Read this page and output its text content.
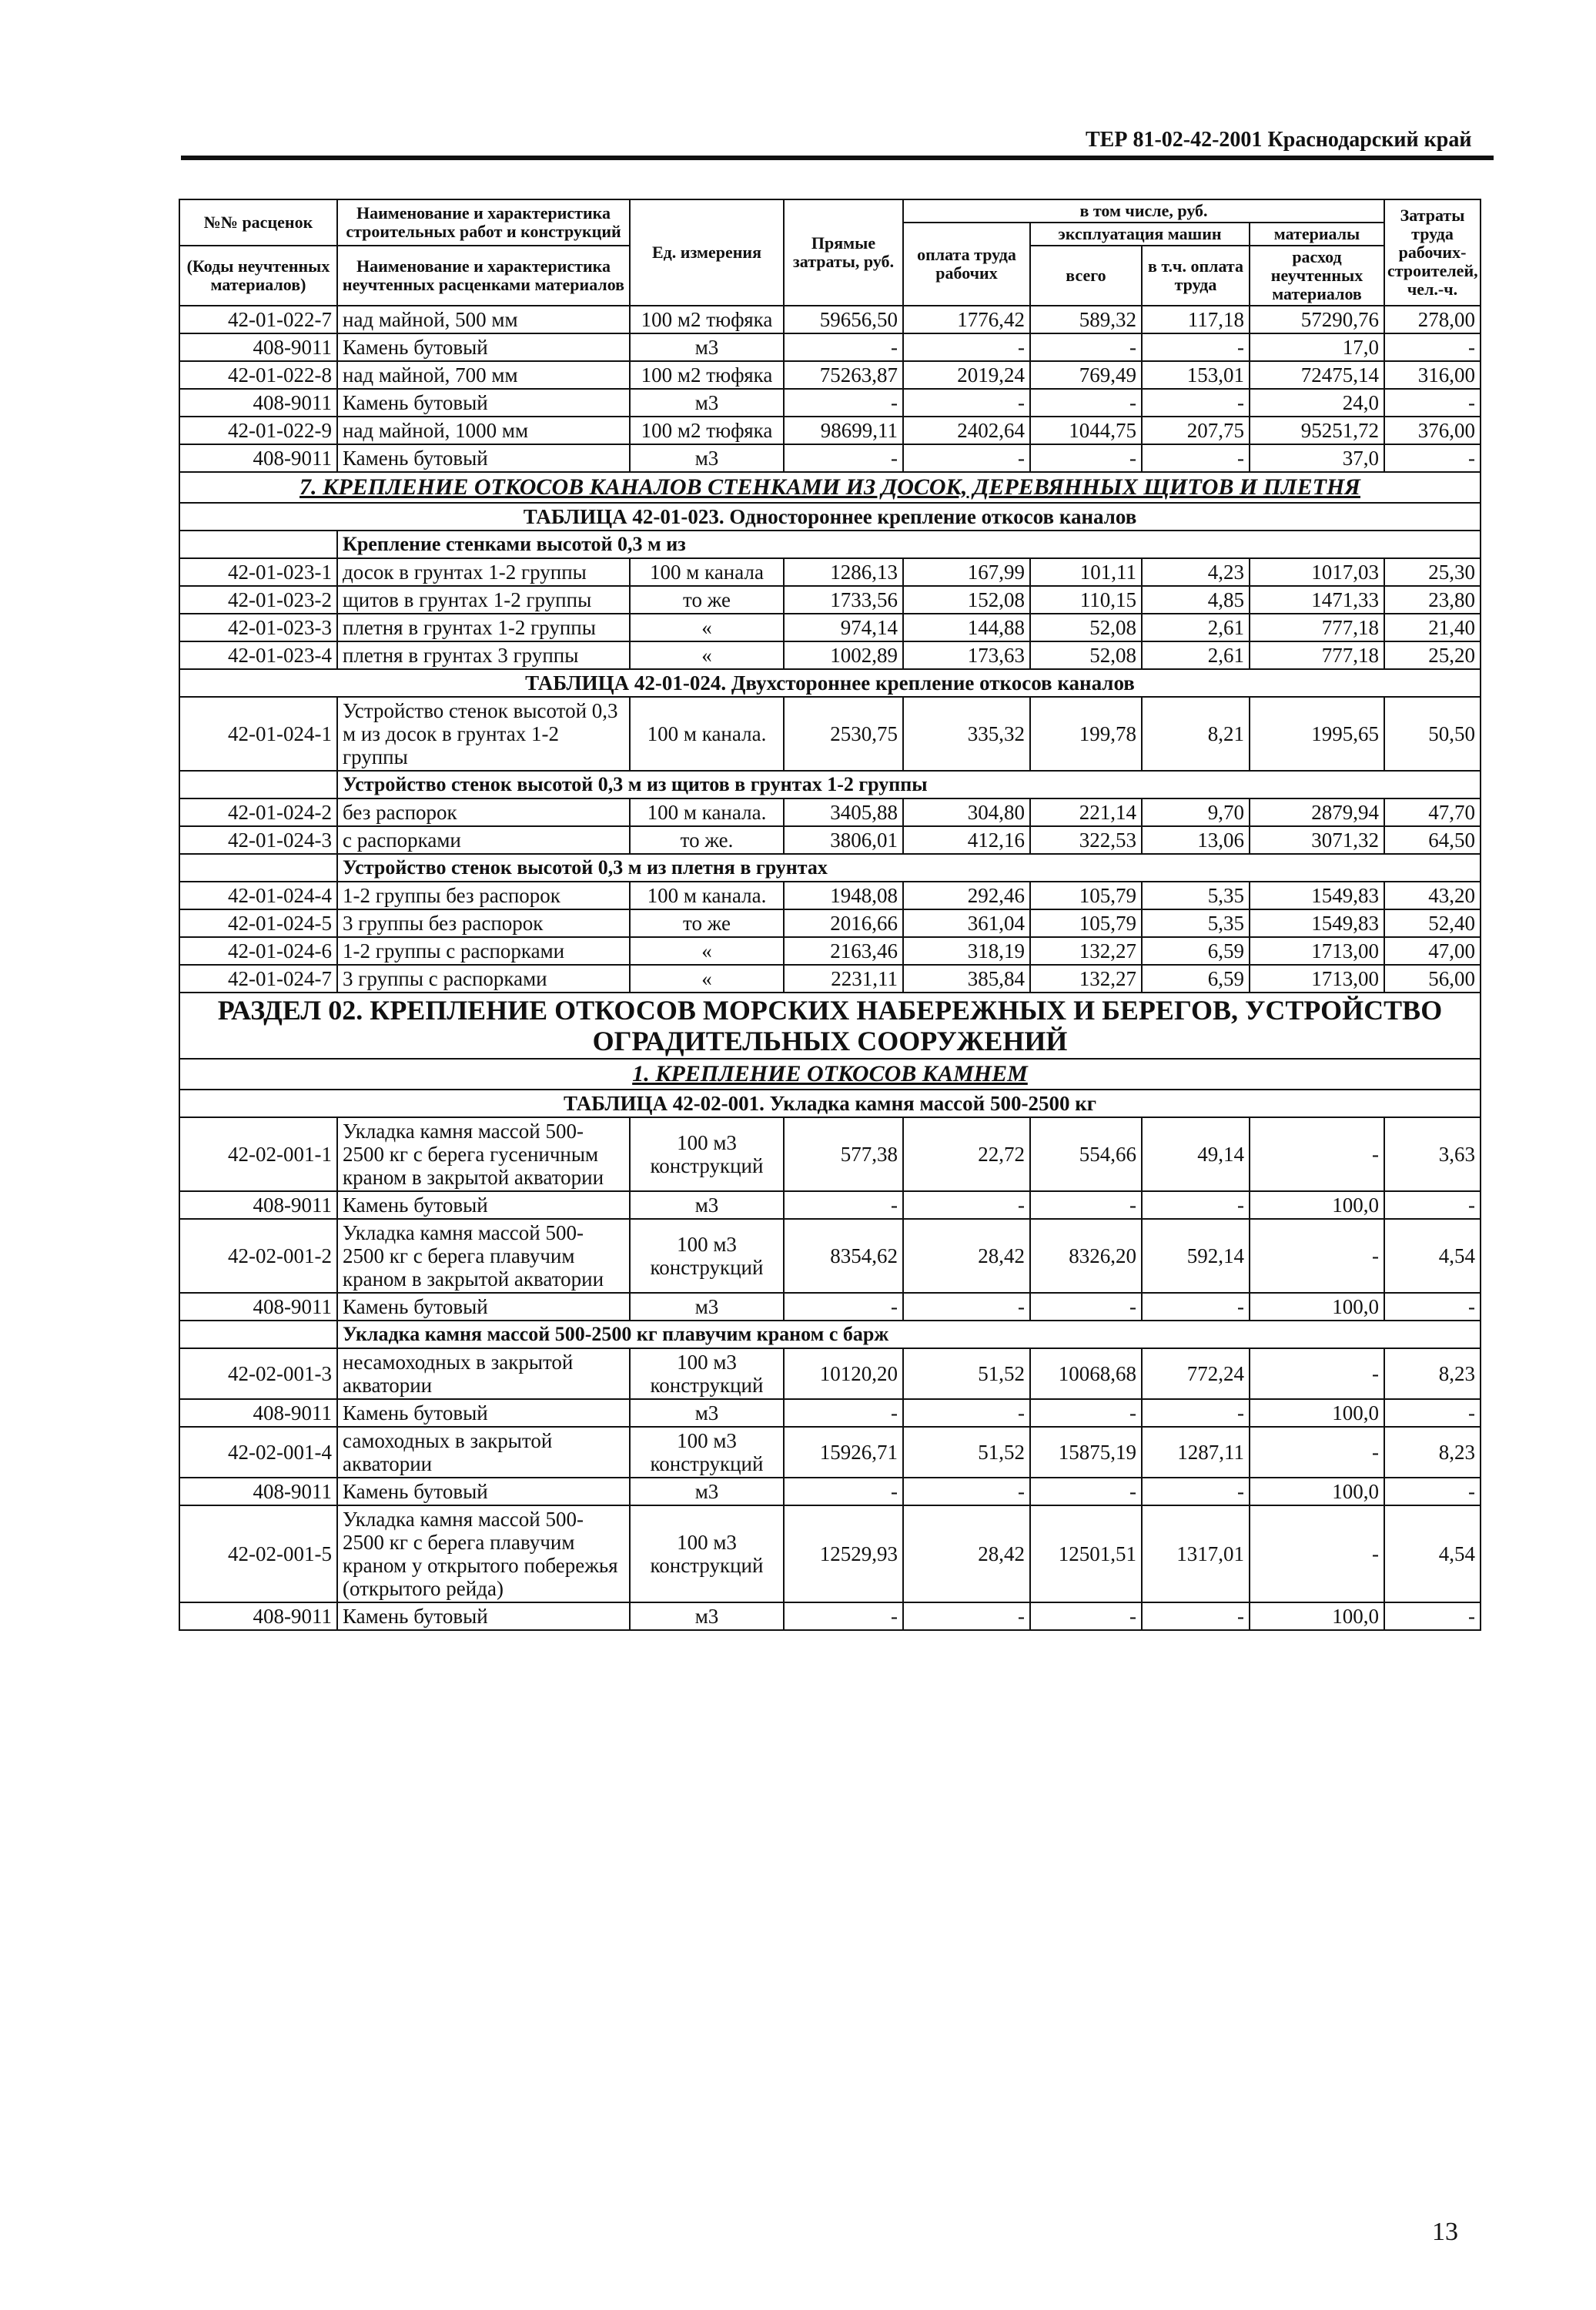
ТЕР 81-02-42-2001 Краснодарский край
№№ расценок	Наименование и характеристика строительных работ и конструкций	Ед. измерения	Прямые затраты, руб.	в том числе, руб.				Затраты труда рабочих-строителей, чел.-ч.
				оплата труда рабочих	эксплуатация машин		материалы	
(Коды неучтенных материалов)	Наименование и характеристика неучтенных расценками материалов				всего	в т.ч. оплата труда	расход неучтенных материалов	

42-01-022-7	над майной, 500 мм	100 м2 тюфяка	59656,50	1776,42	589,32	117,18	57290,76	278,00
408-9011	Камень бутовый	м3	-	-	-	-	17,0	-
42-01-022-8	над майной, 700 мм	100 м2 тюфяка	75263,87	2019,24	769,49	153,01	72475,14	316,00
408-9011	Камень бутовый	м3	-	-	-	-	24,0	-
42-01-022-9	над майной, 1000 мм	100 м2 тюфяка	98699,11	2402,64	1044,75	207,75	95251,72	376,00
408-9011	Камень бутовый	м3	-	-	-	-	37,0	-
7. КРЕПЛЕНИЕ ОТКОСОВ КАНАЛОВ СТЕНКАМИ ИЗ ДОСОК, ДЕРЕВЯННЫХ ЩИТОВ И ПЛЕТНЯ								
ТАБЛИЦА 42-01-023. Одностороннее крепление откосов каналов								
	Крепление стенками высотой 0,3 м из							
42-01-023-1	досок в грунтах 1-2 группы	100 м канала	1286,13	167,99	101,11	4,23	1017,03	25,30
42-01-023-2	щитов в грунтах 1-2 группы	то же	1733,56	152,08	110,15	4,85	1471,33	23,80
42-01-023-3	плетня в грунтах 1-2 группы	«	974,14	144,88	52,08	2,61	777,18	21,40
42-01-023-4	плетня в грунтах 3 группы	«	1002,89	173,63	52,08	2,61	777,18	25,20
ТАБЛИЦА 42-01-024. Двухстороннее крепление откосов каналов								
42-01-024-1	Устройство стенок высотой 0,3 м из досок в грунтах 1-2 группы	100 м канала.	2530,75	335,32	199,78	8,21	1995,65	50,50
	Устройство стенок высотой 0,3 м из щитов в грунтах 1-2 группы							
42-01-024-2	без распорок	100 м канала.	3405,88	304,80	221,14	9,70	2879,94	47,70
42-01-024-3	с распорками	то же.	3806,01	412,16	322,53	13,06	3071,32	64,50
	Устройство стенок высотой 0,3 м из плетня в грунтах							
42-01-024-4	1-2 группы без распорок	100 м канала.	1948,08	292,46	105,79	5,35	1549,83	43,20
42-01-024-5	3 группы без распорок	то же	2016,66	361,04	105,79	5,35	1549,83	52,40
42-01-024-6	1-2 группы с распорками	«	2163,46	318,19	132,27	6,59	1713,00	47,00
42-01-024-7	3 группы с распорками	«	2231,11	385,84	132,27	6,59	1713,00	56,00
РАЗДЕЛ 02. КРЕПЛЕНИЕ ОТКОСОВ МОРСКИХ НАБЕРЕЖНЫХ И БЕРЕГОВ, УСТРОЙСТВО ОГРАДИТЕЛЬНЫХ СООРУЖЕНИЙ								
1. КРЕПЛЕНИЕ ОТКОСОВ КАМНЕМ								
ТАБЛИЦА 42-02-001. Укладка камня массой 500-2500 кг								
42-02-001-1	Укладка камня массой 500-2500 кг с берега гусеничным краном в закрытой акватории	100 м3 конструкций	577,38	22,72	554,66	49,14	-	3,63
408-9011	Камень бутовый	м3	-	-	-	-	100,0	-
42-02-001-2	Укладка камня массой 500-2500 кг с берега плавучим краном в закрытой акватории	100 м3 конструкций	8354,62	28,42	8326,20	592,14	-	4,54
408-9011	Камень бутовый	м3	-	-	-	-	100,0	-
	Укладка камня массой 500-2500 кг плавучим краном с барж							
42-02-001-3	несамоходных в закрытой акватории	100 м3 конструкций	10120,20	51,52	10068,68	772,24	-	8,23
408-9011	Камень бутовый	м3	-	-	-	-	100,0	-
42-02-001-4	самоходных в закрытой акватории	100 м3 конструкций	15926,71	51,52	15875,19	1287,11	-	8,23
408-9011	Камень бутовый	м3	-	-	-	-	100,0	-
42-02-001-5	Укладка камня массой 500-2500 кг с берега плавучим краном у открытого побережья (открытого рейда)	100 м3 конструкций	12529,93	28,42	12501,51	1317,01	-	4,54
408-9011	Камень бутовый	м3	-	-	-	-	100,0	-
13
